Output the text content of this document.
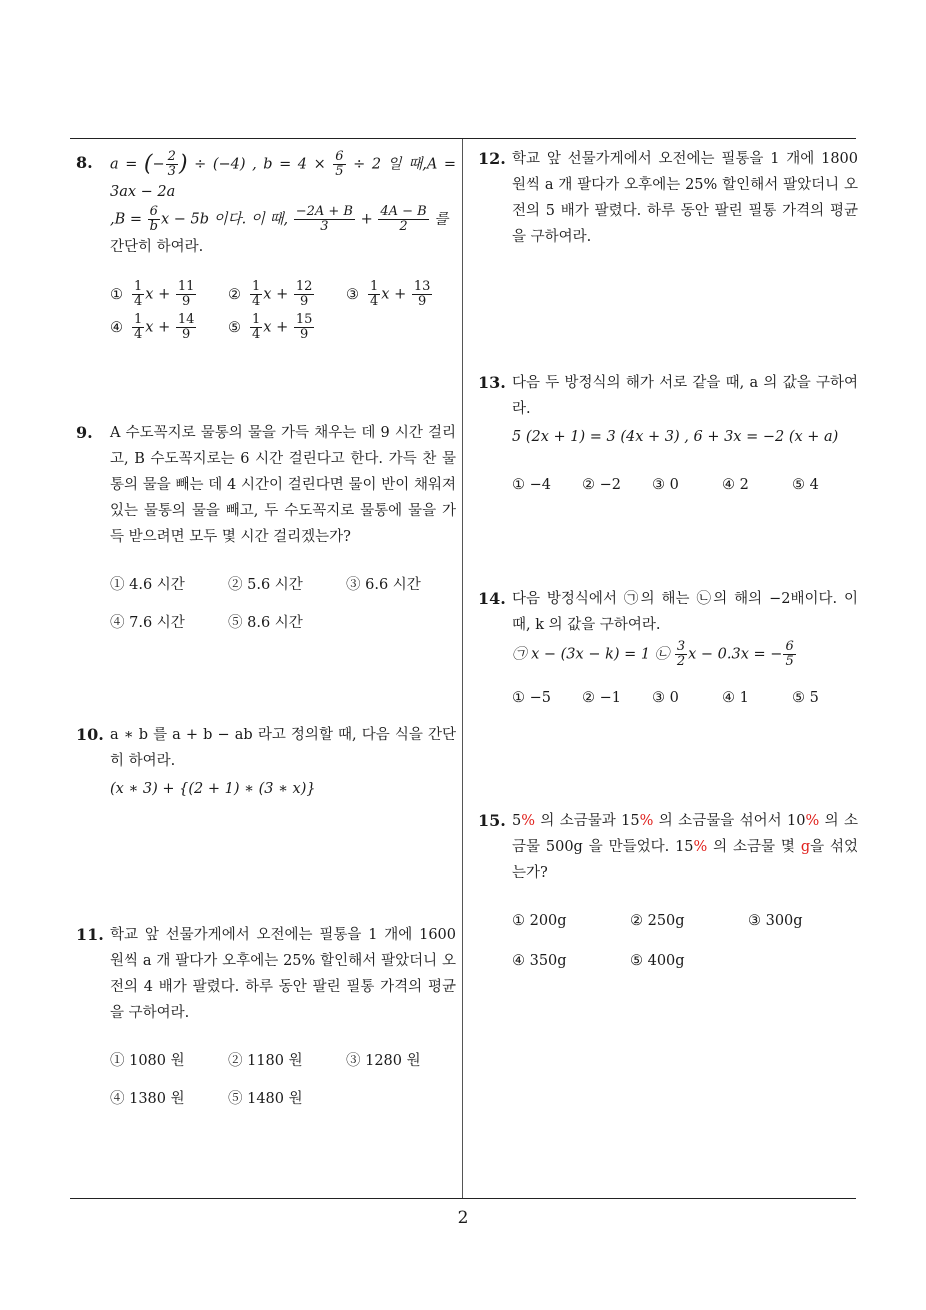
2
8. a = (− $\frac{2}{3}$ ) ÷ (−4) , $b = 4 \times \frac{6}{5} \div 2$ 일 때,A = 3ax − 2a
$,B = \frac{6}{b}$ x − 5b 이다. 이 때, $\frac{-2A + B}{3} + \frac{4A - B}{2}$ 를
간단히 하여라.
① $\frac{1}{4}$ $x + \frac{11}{9}$ ② $\frac{1}{4}$ $x + \frac{12}{9}$ ③ $\frac{1}{4}$ $x + \frac{13}{9}$
④ $\frac{1}{4}$ $x + \frac{14}{9}$ ⑤ $\frac{1}{4}$ $x + \frac{15}{9}$
9. A 수도꼭지로 물통의 물을 가득 채우는 데 9 시간 걸리고, B 수도꼭지로는 6 시간 걸린다고 한다. 가득 찬 물통의 물을 빼는 데 4 시간이 걸린다면 물이 반이 채워져 있는 물통의 물을 빼고, 두 수도꼭지로 물통에 물을 가득 받으려면 모두 몇 시간 걸리겠는가?
① 4.6 시간	② 5.6 시간	③ 6.6 시간
④ 7.6 시간	⑤ 8.6 시간
10. a ∗ b 를 a + b − ab 라고 정의할 때, 다음 식을 간단히 하여라.
(x ∗ 3) + {(2 + 1) ∗ (3 ∗ x)}
11. 학교 앞 선물가게에서 오전에는 필통을 1 개에 1600 원씩 a 개 팔다가 오후에는 25% 할인해서 팔았더니 오전의 4 배가 팔렸다. 하루 동안 팔린 필통 가격의 평균을 구하여라.
① 1080 원	② 1180 원	③ 1280 원
④ 1380 원	⑤ 1480 원
12. 학교 앞 선물가게에서 오전에는 필통을 1 개에 1800 원씩 a 개 팔다가 오후에는 25% 할인해서 팔았더니 오전의 5 배가 팔렸다. 하루 동안 팔린 필통 가격의 평균을 구하여라.
13. 다음 두 방정식의 해가 서로 같을 때, a 의 값을 구하여라.
5 (2x + 1) = 3 (4x + 3) , 6 + 3x = −2 (x + a)
① −4	② −2	③ 0	④ 2	⑤ 4
14. 다음 방정식에서 ㉠의 해는 ㉡의 해의 −2배이다. 이 때, k 의 값을 구하여라.
㉠ x − (3x − k) = 1 ㉡ $\frac{3}{2}$ x − 0.3x = − $\frac{6}{5}$
① −5	② −1	③ 0	④ 1	⑤ 5
15. 5% 의 소금물과 15% 의 소금물을 섞어서 10% 의 소금물 500g 을 만들었다. 15% 의 소금물 몇 g을 섞었는가?
① 200g	② 250g	③ 300g
④ 350g	⑤ 400g
